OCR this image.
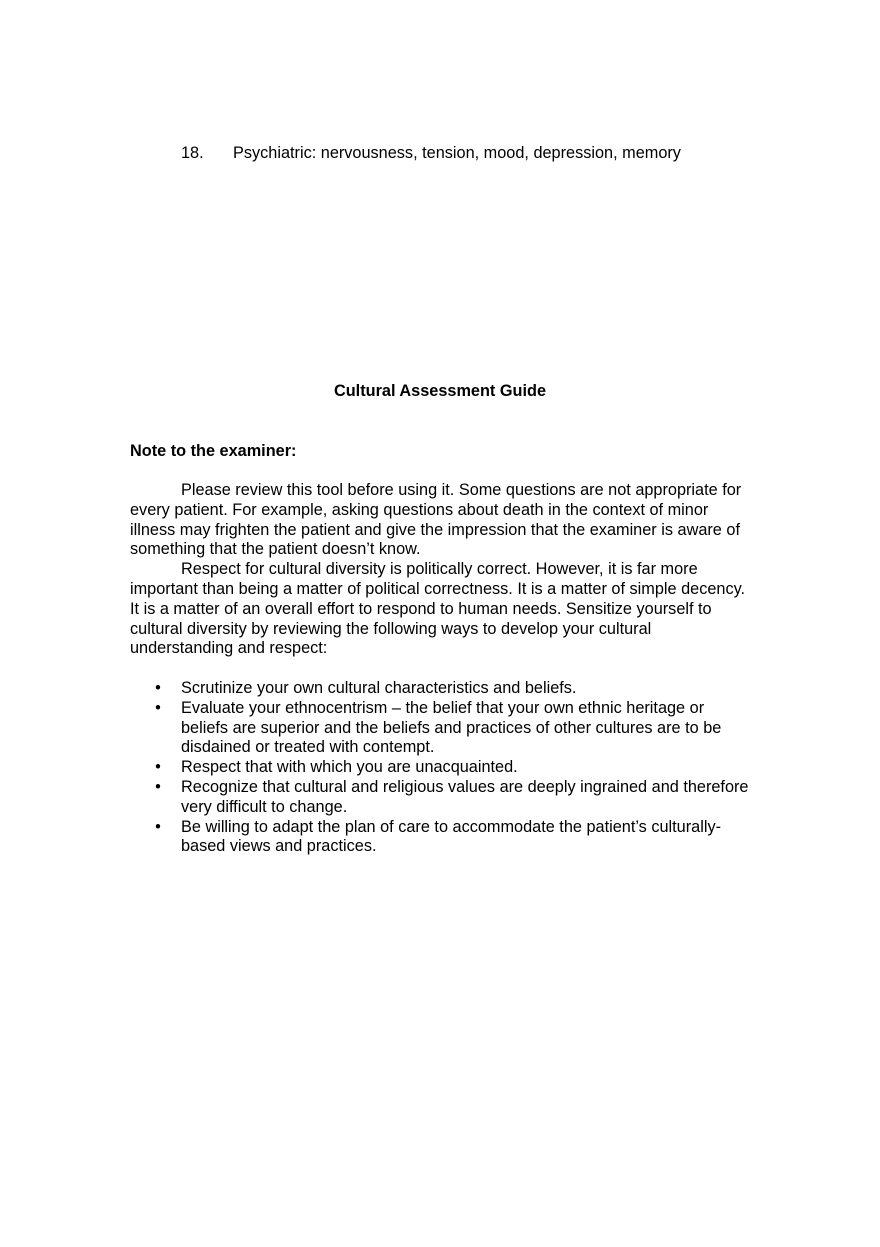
18. Psychiatric: nervousness, tension, mood, depression, memory
Cultural Assessment Guide
Note to the examiner:

Please review this tool before using it. Some questions are not appropriate for every patient. For example, asking questions about death in the context of minor illness may frighten the patient and give the impression that the examiner is aware of something that the patient doesn’t know.

Respect for cultural diversity is politically correct. However, it is far more important than being a matter of political correctness. It is a matter of simple decency. It is a matter of an overall effort to respond to human needs. Sensitize yourself to cultural diversity by reviewing the following ways to develop your cultural understanding and respect:

• Scrutinize your own cultural characteristics and beliefs.
• Evaluate your ethnocentrism – the belief that your own ethnic heritage or beliefs are superior and the beliefs and practices of other cultures are to be disdained or treated with contempt.
• Respect that with which you are unacquainted.
• Recognize that cultural and religious values are deeply ingrained and therefore very difficult to change.
• Be willing to adapt the plan of care to accommodate the patient’s culturally-based views and practices.
